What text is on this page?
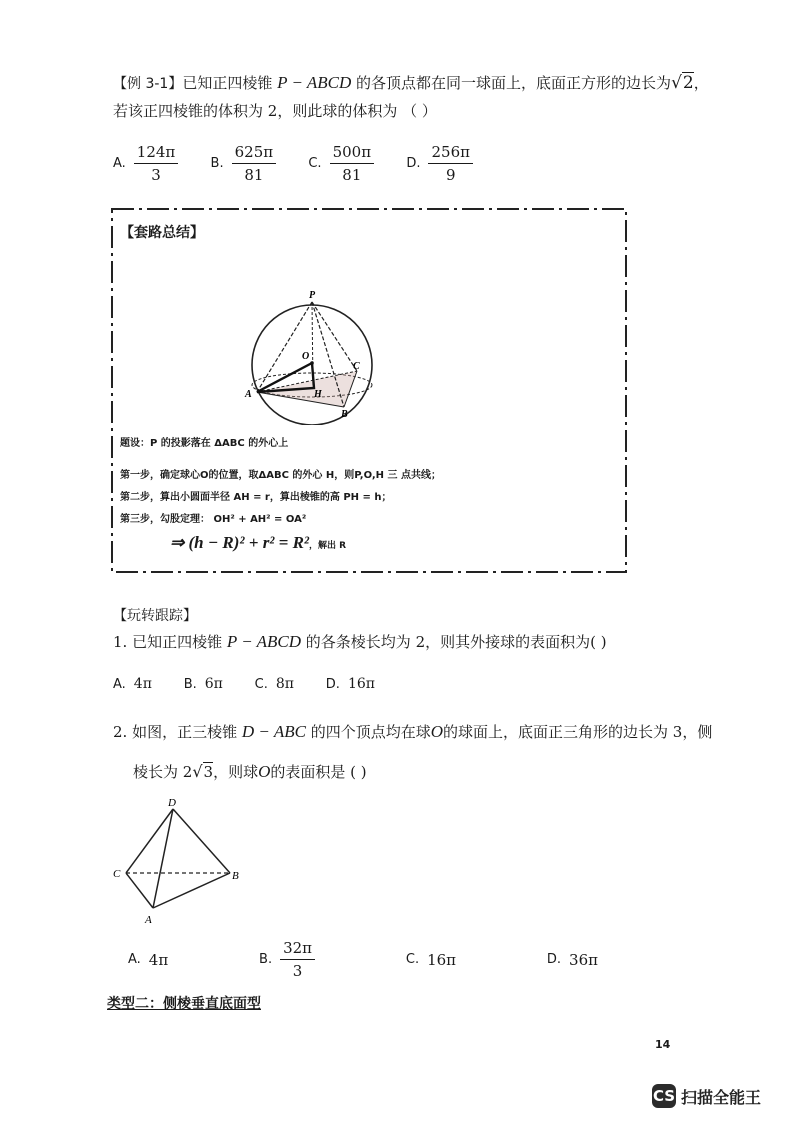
【例 3-1】已知正四棱锥 P − ABCD 的各顶点都在同一球面上，底面正方形的边长为√2，
若该正四棱锥的体积为 2，则此球的体积为 （ ）
A. $\frac{124\pi}{3} B$. $\frac{625\pi}{81} C$. $\frac{500\pi}{81} D$. $\frac{256\pi}{9}$
【套路总结】
P
O
A
B
C
H
题设：P 的投影落在 ΔABC 的外心上
第一步，确定球心O的位置，取ΔABC 的外心 H，则P,O,H 三 点共线；
第二步，算出小圆面半径 AH = r，算出棱锥的高 PH = h；
第三步，勾股定理： OH² + AH² = OA²
⇒ (h − R)² + r² = R²，解出 R
【玩转跟踪】
1. 已知正四棱锥 P − ABCD 的各条棱长均为 2，则其外接球的表面积为( )
A. 4π B. 6π C. 8π D. 16π
2. 如图，正三棱锥 D − ABC 的四个顶点均在球O的球面上，底面正三角形的边长为 3，侧
棱长为 2√3，则球O的表面积是 ( )
D
C	B
A
A. 4π	B. $\frac{32\pi}{3}$	C. 16π	D. 36π
类型二：侧棱垂直底面型
14
CS 扫描全能王
